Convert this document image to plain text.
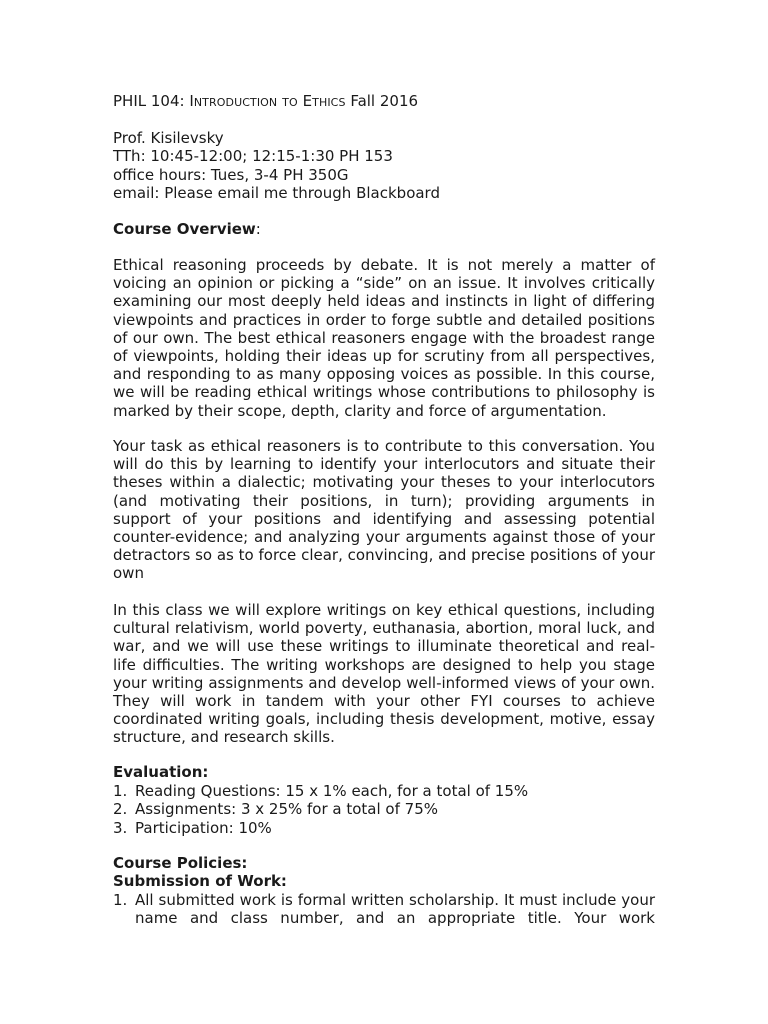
PHIL 104: Introduction to Ethics Fall 2016
Prof. Kisilevsky
TTh: 10:45-12:00; 12:15-1:30 PH 153
office hours: Tues, 3-4 PH 350G
email: Please email me through Blackboard
Course Overview:

Ethical reasoning proceeds by debate. It is not merely a matter of voicing an opinion or picking a “side” on an issue. It involves critically examining our most deeply held ideas and instincts in light of differing viewpoints and practices in order to forge subtle and detailed positions of our own. The best ethical reasoners engage with the broadest range of viewpoints, holding their ideas up for scrutiny from all perspectives, and responding to as many opposing voices as possible. In this course, we will be reading ethical writings whose contributions to philosophy is marked by their scope, depth, clarity and force of argumentation.

Your task as ethical reasoners is to contribute to this conversation. You will do this by learning to identify your interlocutors and situate their theses within a dialectic; motivating your theses to your interlocutors (and motivating their positions, in turn); providing arguments in support of your positions and identifying and assessing potential counter-evidence; and analyzing your arguments against those of your detractors so as to force clear, convincing, and precise positions of your own

In this class we will explore writings on key ethical questions, including cultural relativism, world poverty, euthanasia, abortion, moral luck, and war, and we will use these writings to illuminate theoretical and real-life difficulties. The writing workshops are designed to help you stage your writing assignments and develop well-informed views of your own. They will work in tandem with your other FYI courses to achieve coordinated writing goals, including thesis development, motive, essay structure, and research skills.

Evaluation:
1. Reading Questions: 15 x 1% each, for a total of 15%
2. Assignments: 3 x 25% for a total of 75%
3. Participation: 10%
Course Policies:
Submission of Work:
1. All submitted work is formal written scholarship. It must include your name and class number, and an appropriate title. Your work
